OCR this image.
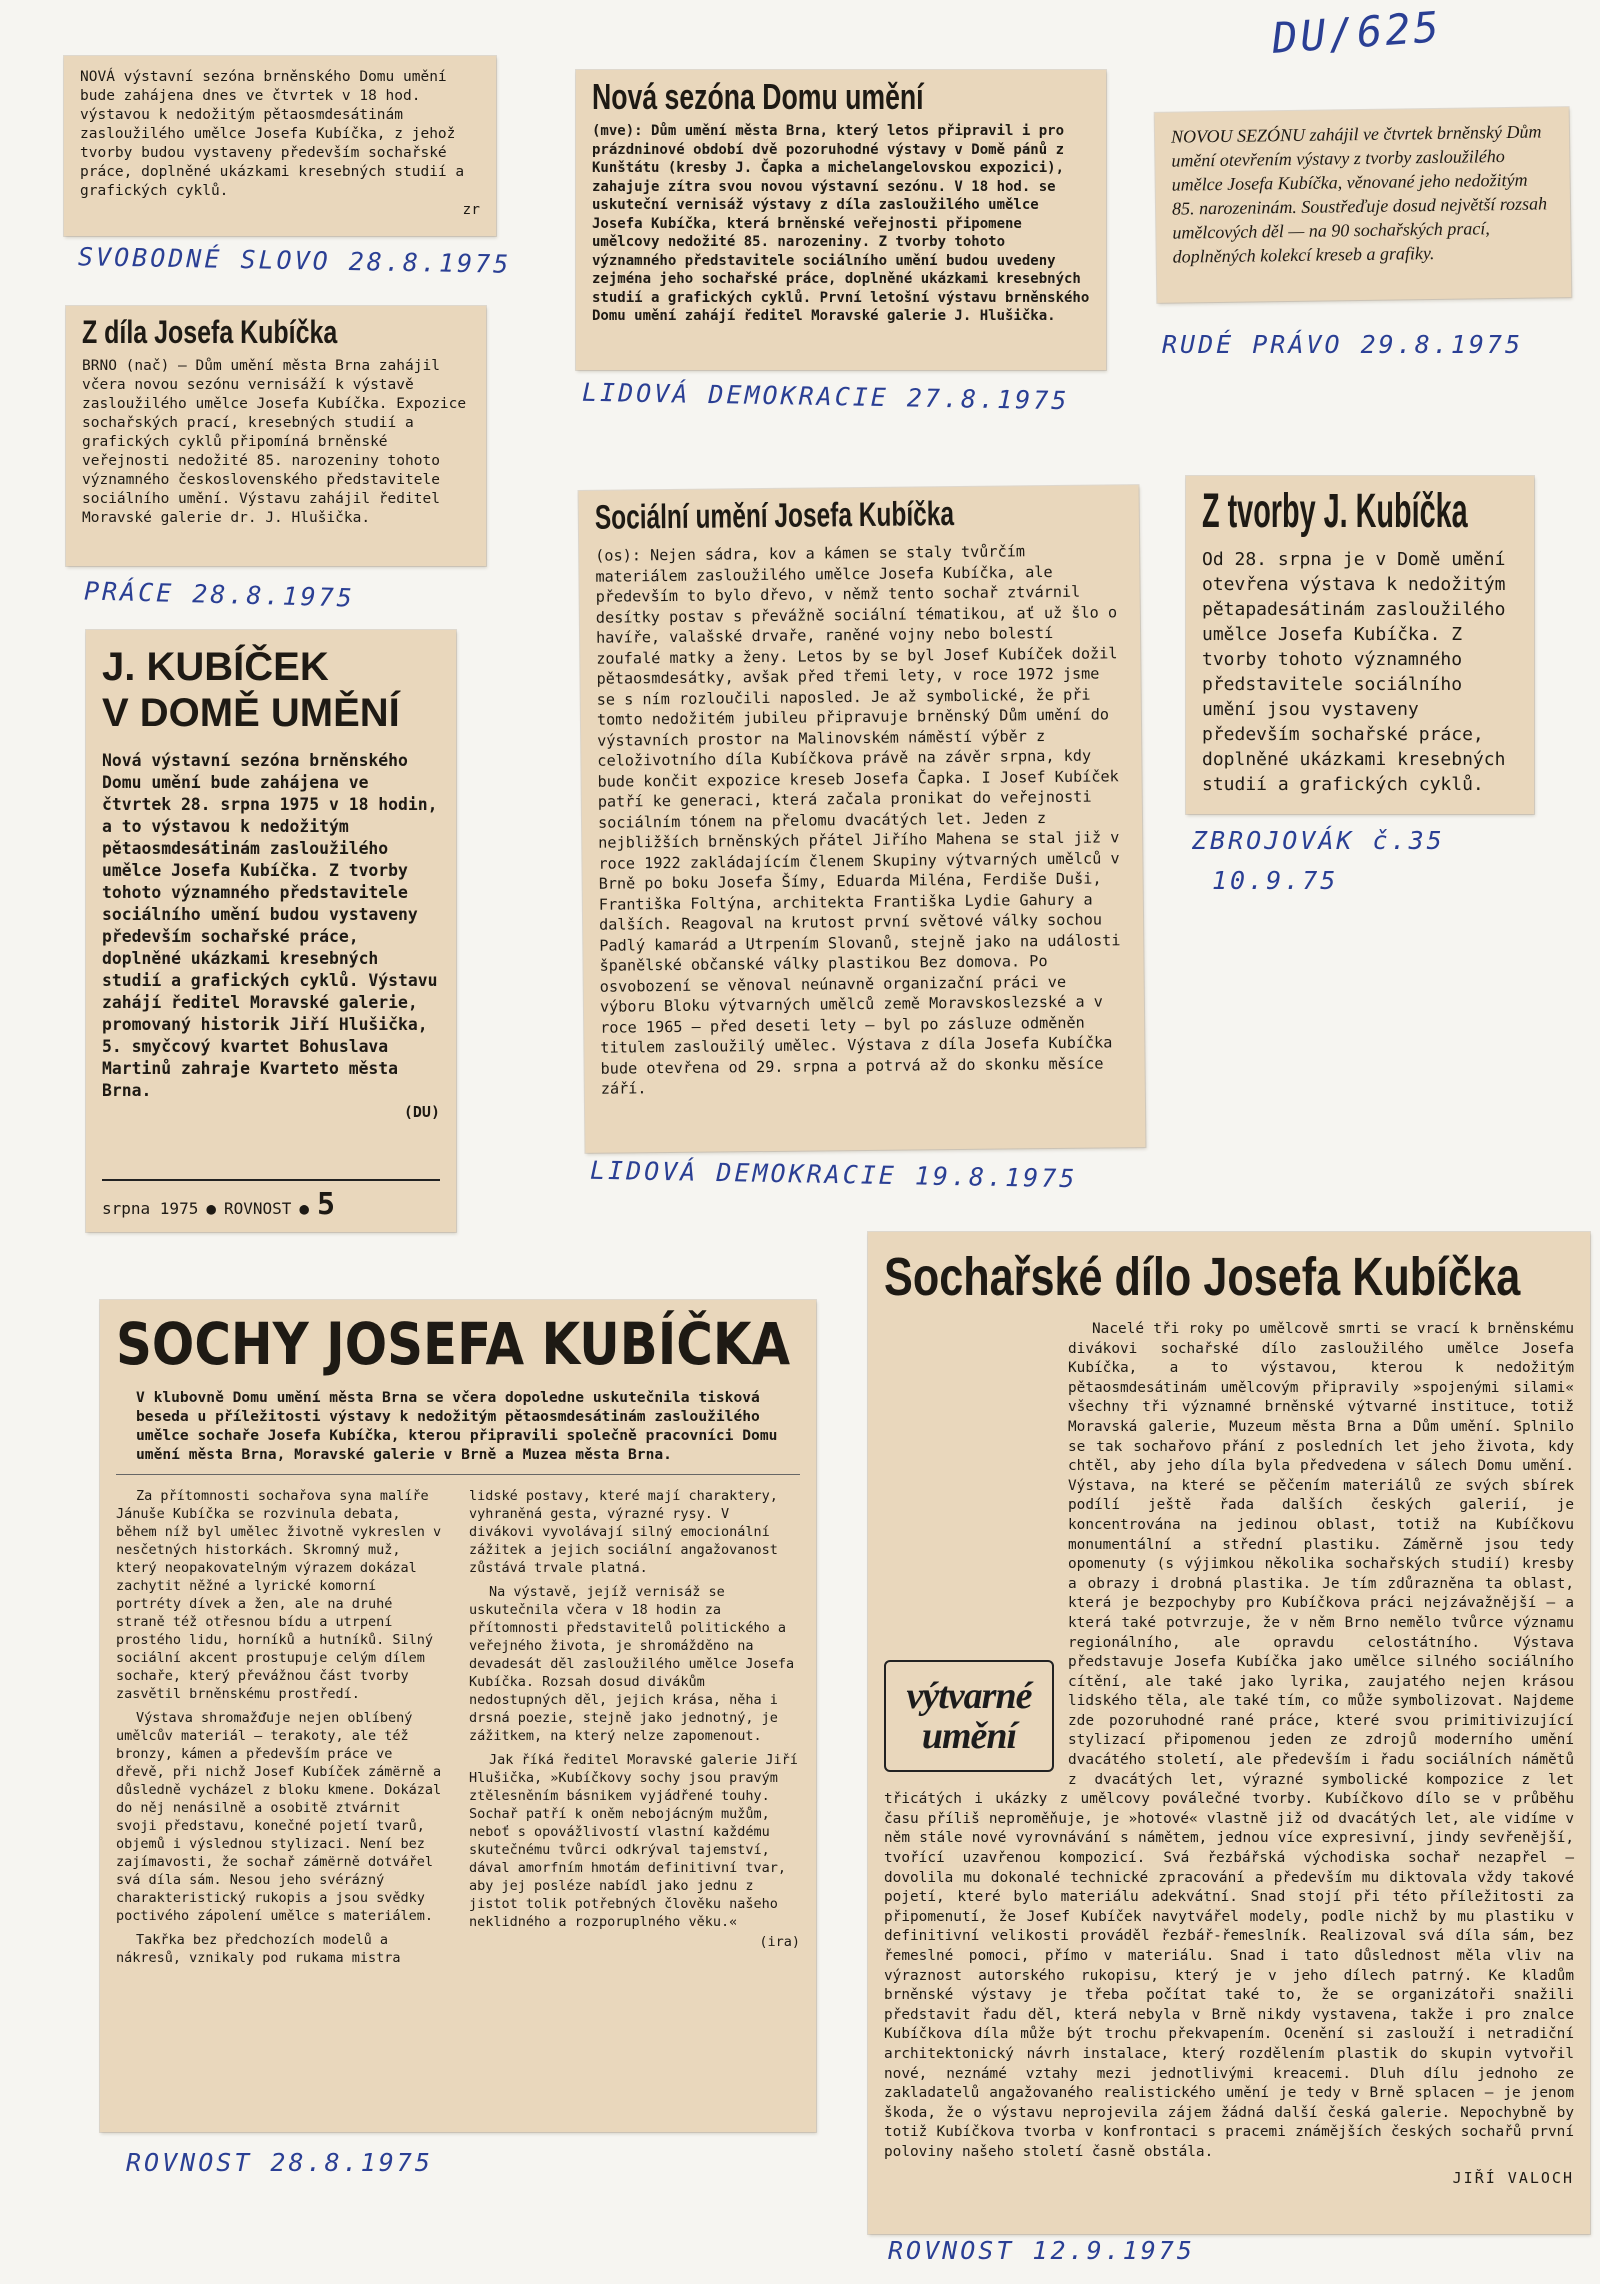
DU/625

NOVÁ výstavní sezóna brněnského Domu umění bude zahájena dnes ve čtvrtek v 18 hod. výstavou k nedožitým pětaosmdesátinám zasloužilého umělce Josefa Kubíčka, z jehož tvorby budou vystaveny především sochařské práce, doplněné ukázkami kresebných studií a grafických cyklů.

zr

SVOBODNÉ SLOVO 28.8.1975
Nová sezóna Domu umění

(mve): Dům umění města Brna, který letos připravil i pro prázdninové období dvě pozoruhodné výstavy v Domě pánů z Kunštátu (kresby J. Čapka a michelangelovskou expozici), zahajuje zítra svou novou výstavní sezónu. V 18 hod. se uskuteční vernisáž výstavy z díla zasloužilého umělce Josefa Kubíčka, která brněnské veřejnosti připomene umělcovy nedožité 85. narozeniny. Z tvorby tohoto významného představitele sociálního umění budou uvedeny zejména jeho sochařské práce, doplněné ukázkami kresebných studií a grafických cyklů. První letošní výstavu brněnského Domu umění zahájí ředitel Moravské galerie J. Hlušička.

LIDOVÁ DEMOKRACIE 27.8.1975

NOVOU SEZÓNU zahájil ve čtvrtek brněnský Dům umění otevřením výstavy z tvorby zasloužilého umělce Josefa Kubíčka, věnované jeho nedožitým 85. narozeninám. Soustřeďuje dosud největší rozsah umělcových děl — na 90 sochařských prací, doplněných kolekcí kreseb a grafiky.

RUDÉ PRÁVO 29.8.1975
Z díla Josefa Kubíčka

BRNO (nač) — Dům umění města Brna zahájil včera novou sezónu vernisáží k výstavě zasloužilého umělce Josefa Kubíčka. Expozice sochařských prací, kresebných studií a grafických cyklů připomíná brněnské veřejnosti nedožité 85. narozeniny tohoto významného československého představitele sociálního umění. Výstavu zahájil ředitel Moravské galerie dr. J. Hlušička.

PRÁCE 28.8.1975
Sociální umění Josefa Kubíčka

(os): Nejen sádra, kov a kámen se staly tvůrčím materiálem zasloužilého umělce Josefa Kubíčka, ale především to bylo dřevo, v němž tento sochař ztvárnil desítky postav s převážně sociální tématikou, ať už šlo o havíře, valašské drvaře, raněné vojny nebo bolestí zoufalé matky a ženy. Letos by se byl Josef Kubíček dožil pětaosmdesátky, avšak před třemi lety, v roce 1972 jsme se s ním rozloučili naposled. Je až symbolické, že při tomto nedožitém jubileu připravuje brněnský Dům umění do výstavních prostor na Malinovském náměstí výběr z celoživotního díla Kubíčkova právě na závěr srpna, kdy bude končit expozice kreseb Josefa Čapka. I Josef Kubíček patří ke generaci, která začala pronikat do veřejnosti sociálním tónem na přelomu dvacátých let. Jeden z nejbližších brněnských přátel Jiřího Mahena se stal již v roce 1922 zakládajícím členem Skupiny výtvarných umělců v Brně po boku Josefa Šímy, Eduarda Miléna, Ferdiše Duši, Františka Foltýna, architekta Františka Lydie Gahury a dalších. Reagoval na krutost první světové války sochou Padlý kamarád a Utrpením Slovanů, stejně jako na události španělské občanské války plastikou Bez domova. Po osvobození se věnoval neúnavně organizační práci ve výboru Bloku výtvarných umělců země Moravskoslezské a v roce 1965 — před deseti lety — byl po zásluze odměněn titulem zasloužilý umělec. Výstava z díla Josefa Kubíčka bude otevřena od 29. srpna a potrvá až do skonku měsíce září.

LIDOVÁ DEMOKRACIE 19.8.1975
Z tvorby J. Kubíčka

Od 28. srpna je v Domě umění otevřena výstava k nedožitým pětapadesátinám zasloužilého umělce Josefa Kubíčka. Z tvorby tohoto významného představitele sociálního umění jsou vystaveny především sochařské práce, doplněné ukázkami kresebných studií a grafických cyklů.

ZBROJOVÁK č.35
10.9.75
J. KUBÍČEK
V DOMĚ UMĚNÍ

Nová výstavní sezóna brněnského Domu umění bude zahájena ve čtvrtek 28. srpna 1975 v 18 hodin, a to výstavou k nedožitým pětaosmdesátinám zasloužilého umělce Josefa Kubíčka. Z tvorby tohoto významného představitele sociálního umění budou vystaveny především sochařské práce, doplněné ukázkami kresebných studií a grafických cyklů. Výstavu zahájí ředitel Moravské galerie, promovaný historik Jiří Hlušička, 5. smyčcový kvartet Bohuslava Martinů zahraje Kvarteto města Brna.

(DU)

srpna 1975 ● ROVNOST ● 5
SOCHY JOSEFA KUBÍČKA

V klubovně Domu umění města Brna se včera dopoledne uskutečnila tisková beseda u příležitosti výstavy k nedožitým pětaosmdesátinám zasloužilého umělce sochaře Josefa Kubíčka, kterou připravili společně pracovníci Domu umění města Brna, Moravské galerie v Brně a Muzea města Brna.

Za přítomnosti sochařova syna malíře Jánuše Kubíčka se rozvinula debata, během níž byl umělec životně vykreslen v nesčetných historkách. Skromný muž, který neopakovatelným výrazem dokázal zachytit něžné a lyrické komorní portréty dívek a žen, ale na druhé straně též otřesnou bídu a utrpení prostého lidu, horníků a hutníků. Silný sociální akcent prostupuje celým dílem sochaře, který převážnou část tvorby zasvětil brněnskému prostředí.

Výstava shromažďuje nejen oblíbený umělcův materiál — terakoty, ale též bronzy, kámen a především práce ve dřevě, při nichž Josef Kubíček zámërně a důsledně vycházel z bloku kmene. Dokázal do něj nenásilně a osobitě ztvárnit svoji představu, konečné pojetí tvarů, objemů i výslednou stylizaci. Není bez zajímavosti, že sochař zámërně dotvářel svá díla sám. Nesou jeho svérázný charakteristický rukopis a jsou svědky poctivého zápolení umělce s materiálem.

Takřka bez předchozích modelů a nákresů, vznikaly pod rukama mistra lidské postavy, které mají charaktery, vyhraněná gesta, výrazné rysy. V divákovi vyvolávají silný emocionální zážitek a jejich sociální angažovanost zůstává trvale platná.

Na výstavě, jejíž vernisáž se uskutečnila včera v 18 hodin za přítomnosti představitelů politického a veřejného života, je shromážděno na devadesát děl zasloužilého umělce Josefa Kubíčka. Rozsah dosud divákům nedostupných děl, jejich krása, něha i drsná poezie, stejně jako jednotný, je zážitkem, na který nelze zapomenout.

Jak říká ředitel Moravské galerie Jiří Hlušička, »Kubíčkovy sochy jsou pravým ztělesněním básnikem vyjádřené touhy. Sochař patří k oněm nebojácným mužům, neboť s opovážlivostí vlastní každému skutečnému tvůrci odkrýval tajemství, dával amorfním hmotám definitivní tvar, aby jej posléze nabídl jako jednu z jistot tolik potřebných člověku našeho neklidného a rozporuplného věku.«

(ira)

ROVNOST 28.8.1975
Sochařské dílo Josefa Kubíčka
výtvarné
umění

Nacelé tři roky po umělcově smrti se vrací k brněnskému divákovi sochařské dílo zasloužilého umělce Josefa Kubíčka, a to výstavou, kterou k nedožitým pětaosmdesátinám umělcovým připravily »spojenými silami« všechny tři významné brněnské výtvarné instituce, totiž Moravská galerie, Muzeum města Brna a Dům umění. Splnilo se tak sochařovo přání z posledních let jeho života, kdy chtěl, aby jeho díla byla předvedena v sálech Domu umění. Výstava, na které se pěčením materiálů ze svých sbírek podílí ještě řada dalších českých galerií, je koncentrována na jedinou oblast, totiž na Kubíčkovu monumentální a střední plastiku. Záměrně jsou tedy opomenuty (s výjimkou několika sochařských studií) kresby a obrazy i drobná plastika. Je tím zdůrazněna ta oblast, která je bezpochyby pro Kubíčkova práci nejzávažnější — a která také potvrzuje, že v něm Brno nemělo tvůrce významu regionálního, ale opravdu celostátního. Výstava představuje Josefa Kubíčka jako umělce silného sociálního cítění, ale také jako lyrika, zaujatého nejen krásou lidského těla, ale také tím, co může symbolizovat. Najdeme zde pozoruhodné rané práce, které svou primitivizující stylizací připomenou jeden ze zdrojů moderního umění dvacátého století, ale především i řadu sociálních námětů z dvacátých let, výrazné symbolické kompozice z let třicátých i ukázky z umělcovy poválečné tvorby. Kubíčkovo dílo se v průběhu času příliš neproměňuje, je »hotové« vlastně již od dvacátých let, ale vidíme v něm stále nové vyrovnávání s námětem, jednou více expresivní, jindy sevřenější, tvořící uzavřenou kompozicí. Svá řezbářská východiska sochař nezapřel — dovolila mu dokonalé technické zpracování a především mu diktovala vždy takové pojetí, které bylo materiálu adekvátní. Snad stojí při této příležitosti za připomenutí, že Josef Kubíček navytvářel modely, podle nichž by mu plastiku v definitivní velikosti prováděl řezbář-řemeslník. Realizoval svá díla sám, bez řemeslné pomoci, přímo v materiálu. Snad i tato důslednost měla vliv na výraznost autorského rukopisu, který je v jeho dílech patrný. Ke kladům brněnské výstavy je třeba počítat také to, že se organizátoři snažili představit řadu děl, která nebyla v Brně nikdy vystavena, takže i pro znalce Kubíčkova díla může být trochu překvapením. Ocenění si zaslouží i netradiční architektonický návrh instalace, který rozdělením plastik do skupin vytvořil nové, neznámé vztahy mezi jednotlivými kreacemi. Dluh dílu jednoho ze zakladatelů angažovaného realistického umění je tedy v Brně splacen — je jenom škoda, že o výstavu neprojevila zájem žádná další česká galerie. Nepochybně by totiž Kubíčkova tvorba v konfrontaci s pracemi známějších českých sochařů první poloviny našeho století časně obstála.

JIŘÍ VALOCH
ROVNOST 12.9.1975
